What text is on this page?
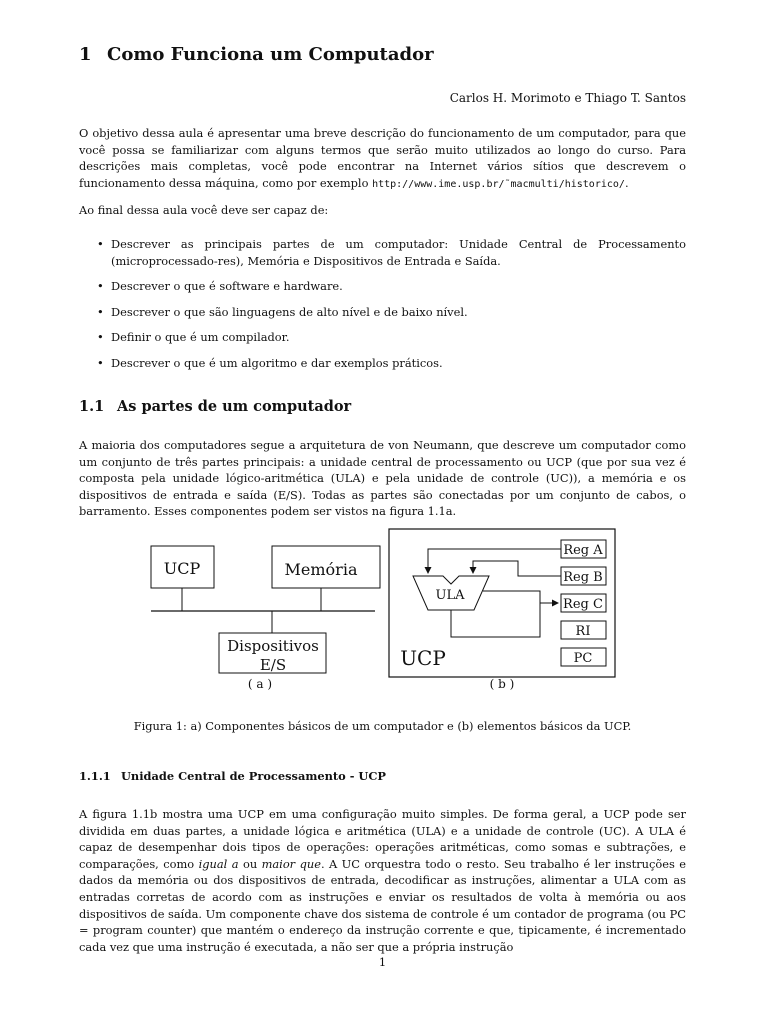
1 Como Funciona um Computador
Carlos H. Morimoto e Thiago T. Santos

O objetivo dessa aula é apresentar uma breve descrição do funcionamento de um computador, para que você possa se familiarizar com alguns termos que serão muito utilizados ao longo do curso. Para descrições mais completas, você pode encontrar na Internet vários sítios que descrevem o funcionamento dessa máquina, como por exemplo http://www.ime.usp.br/˜macmulti/historico/.

Ao final dessa aula você deve ser capaz de:

• Descrever as principais partes de um computador: Unidade Central de Processamento (microprocessado-res), Memória e Dispositivos de Entrada e Saída.
• Descrever o que é software e hardware.
• Descrever o que são linguagens de alto nível e de baixo nível.
• Definir o que é um compilador.
• Descrever o que é um algoritmo e dar exemplos práticos.
1.1 As partes de um computador

A maioria dos computadores segue a arquitetura de von Neumann, que descreve um computador como um conjunto de três partes principais: a unidade central de processamento ou UCP (que por sua vez é composta pela unidade lógico-aritmética (ULA) e pela unidade de controle (UC)), a memória e os dispositivos de entrada e saída (E/S). Todas as partes são conectadas por um conjunto de cabos, o barramento. Esses componentes podem ser vistos na figura 1.1a.

Figura 1: a) Componentes básicos de um computador e (b) elementos básicos da UCP.

1.1.1 Unidade Central de Processamento - UCP

A figura 1.1b mostra uma UCP em uma configuração muito simples. De forma geral, a UCP pode ser dividida em duas partes, a unidade lógica e aritmética (ULA) e a unidade de controle (UC). A ULA é capaz de desempenhar dois tipos de operações: operações aritméticas, como somas e subtrações, e comparações, como igual a ou maior que. A UC orquestra todo o resto. Seu trabalho é ler instruções e dados da memória ou dos dispositivos de entrada, decodificar as instruções, alimentar a ULA com as entradas corretas de acordo com as instruções e enviar os resultados de volta à memória ou aos dispositivos de saída. Um componente chave dos sistema de controle é um contador de programa (ou PC = program counter) que mantém o endereço da instrução corrente e que, tipicamente, é incrementado cada vez que uma instrução é executada, a não ser que a própria instrução

1
UCP	Memória
Dispositivos
E/S
( a )
Reg A
Reg B
Reg C
RI
PC
ULA
UCP
( b )
